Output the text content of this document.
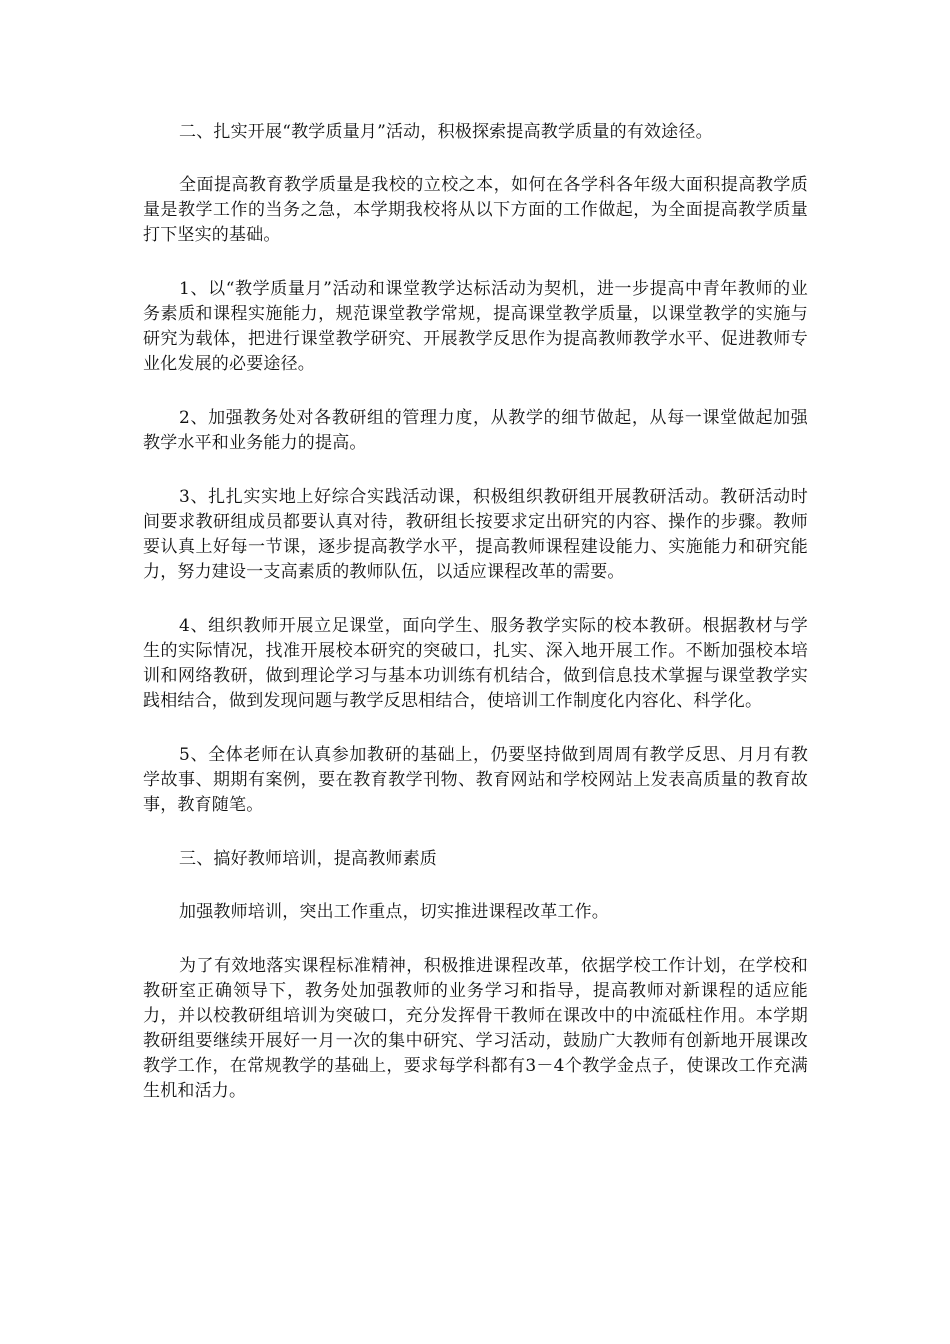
二、扎实开展“教学质量月”活动，积极探索提高教学质量的有效途径。

全面提高教育教学质量是我校的立校之本，如何在各学科各年级大面积提高教学质量是教学工作的当务之急，本学期我校将从以下方面的工作做起，为全面提高教学质量打下坚实的基础。

1、以“教学质量月”活动和课堂教学达标活动为契机，进一步提高中青年教师的业务素质和课程实施能力，规范课堂教学常规，提高课堂教学质量，以课堂教学的实施与研究为载体，把进行课堂教学研究、开展教学反思作为提高教师教学水平、促进教师专业化发展的必要途径。

2、加强教务处对各教研组的管理力度，从教学的细节做起，从每一课堂做起加强教学水平和业务能力的提高。

3、扎扎实实地上好综合实践活动课，积极组织教研组开展教研活动。教研活动时间要求教研组成员都要认真对待，教研组长按要求定出研究的内容、操作的步骤。教师要认真上好每一节课，逐步提高教学水平，提高教师课程建设能力、实施能力和研究能力，努力建设一支高素质的教师队伍，以适应课程改革的需要。

4、组织教师开展立足课堂，面向学生、服务教学实际的校本教研。根据教材与学生的实际情况，找准开展校本研究的突破口，扎实、深入地开展工作。不断加强校本培训和网络教研，做到理论学习与基本功训练有机结合，做到信息技术掌握与课堂教学实践相结合，做到发现问题与教学反思相结合，使培训工作制度化内容化、科学化。

5、全体老师在认真参加教研的基础上，仍要坚持做到周周有教学反思、月月有教学故事、期期有案例，要在教育教学刊物、教育网站和学校网站上发表高质量的教育故事，教育随笔。

三、搞好教师培训，提高教师素质

加强教师培训，突出工作重点，切实推进课程改革工作。

为了有效地落实课程标准精神，积极推进课程改革，依据学校工作计划，在学校和教研室正确领导下，教务处加强教师的业务学习和指导，提高教师对新课程的适应能力，并以校教研组培训为突破口，充分发挥骨干教师在课改中的中流砥柱作用。本学期教研组要继续开展好一月一次的集中研究、学习活动，鼓励广大教师有创新地开展课改教学工作，在常规教学的基础上，要求每学科都有3－4个教学金点子，使课改工作充满生机和活力。
